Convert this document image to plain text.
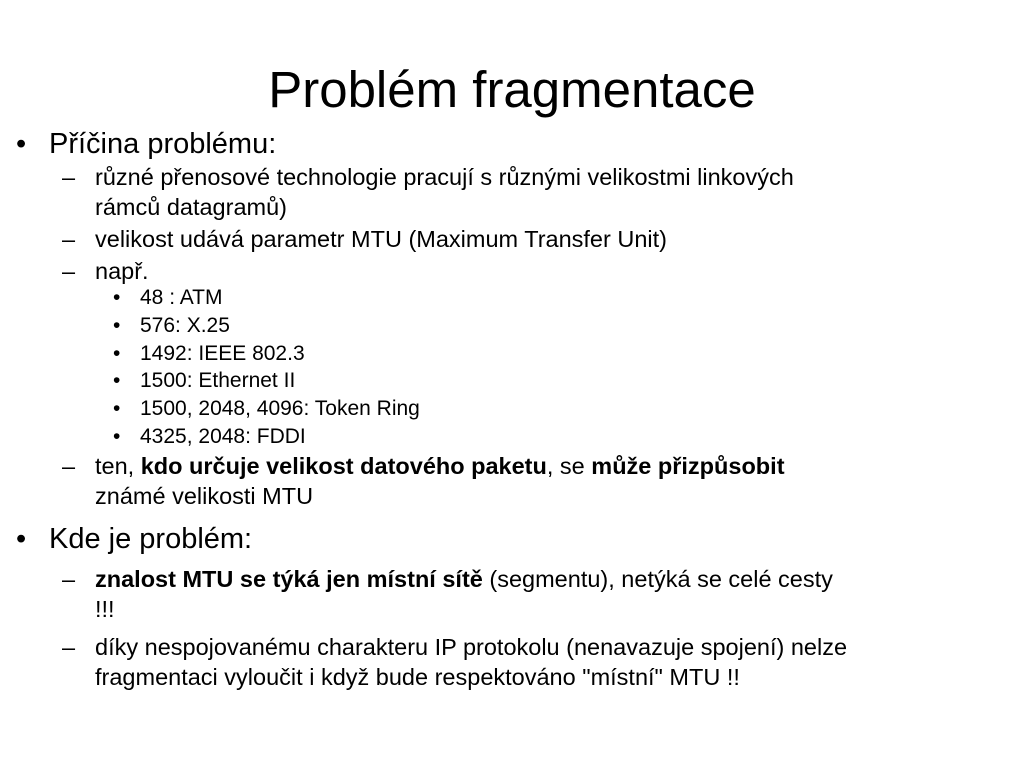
Problém fragmentace
• Příčina problému:
– různé přenosové technologie pracují s různými velikostmi linkových
rámců datagramů)
– velikost udává parametr MTU (Maximum Transfer Unit)
– např.
• 48 : ATM
• 576: X.25
• 1492: IEEE 802.3
• 1500: Ethernet II
• 1500, 2048, 4096: Token Ring
• 4325, 2048: FDDI
– ten, kdo určuje velikost datového paketu, se může přizpůsobit
známé velikosti MTU
• Kde je problém:
– znalost MTU se týká jen místní sítě (segmentu), netýká se celé cesty
!!!
– díky nespojovanému charakteru IP protokolu (nenavazuje spojení) nelze
fragmentaci vyloučit i když bude respektováno "místní" MTU !!
